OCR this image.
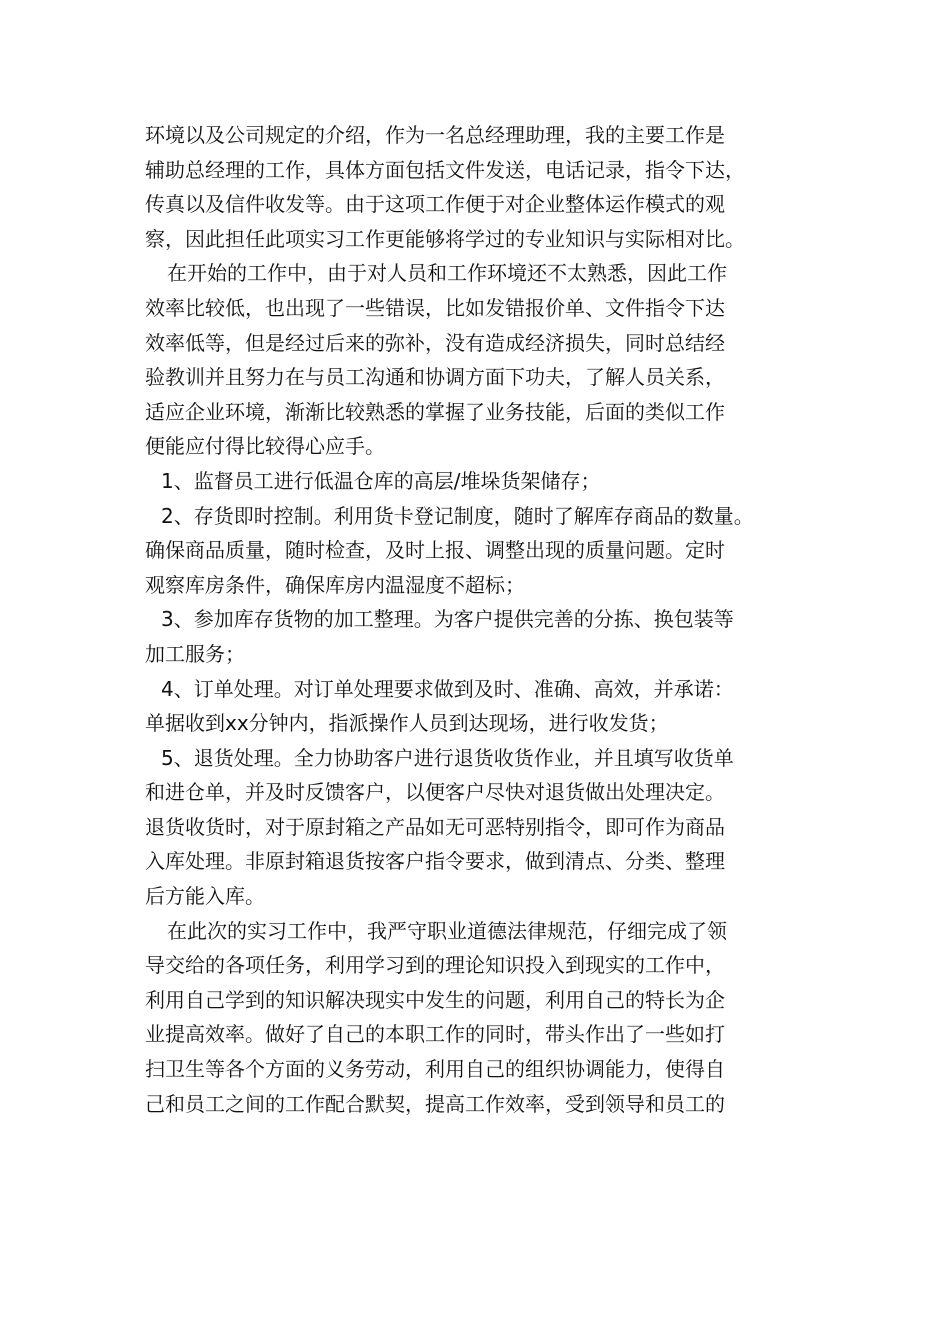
环境以及公司规定的介绍，作为一名总经理助理，我的主要工作是
辅助总经理的工作，具体方面包括文件发送，电话记录，指令下达，
传真以及信件收发等。由于这项工作便于对企业整体运作模式的观
察，因此担任此项实习工作更能够将学过的专业知识与实际相对比。
在开始的工作中，由于对人员和工作环境还不太熟悉，因此工作
效率比较低，也出现了一些错误，比如发错报价单、文件指令下达
效率低等，但是经过后来的弥补，没有造成经济损失，同时总结经
验教训并且努力在与员工沟通和协调方面下功夫，了解人员关系，
适应企业环境，渐渐比较熟悉的掌握了业务技能，后面的类似工作
便能应付得比较得心应手。
1、监督员工进行低温仓库的高层/堆垛货架储存；
2、存货即时控制。利用货卡登记制度，随时了解库存商品的数量。
确保商品质量，随时检查，及时上报、调整出现的质量问题。定时
观察库房条件，确保库房内温湿度不超标；
3、参加库存货物的加工整理。为客户提供完善的分拣、换包装等
加工服务；
4、订单处理。对订单处理要求做到及时、准确、高效，并承诺：
单据收到xx分钟内，指派操作人员到达现场，进行收发货；
5、退货处理。全力协助客户进行退货收货作业，并且填写收货单
和进仓单，并及时反馈客户，以便客户尽快对退货做出处理决定。
退货收货时，对于原封箱之产品如无可恶特别指令，即可作为商品
入库处理。非原封箱退货按客户指令要求，做到清点、分类、整理
后方能入库。
在此次的实习工作中，我严守职业道德法律规范，仔细完成了领
导交给的各项任务，利用学习到的理论知识投入到现实的工作中，
利用自己学到的知识解决现实中发生的问题，利用自己的特长为企
业提高效率。做好了自己的本职工作的同时，带头作出了一些如打
扫卫生等各个方面的义务劳动，利用自己的组织协调能力，使得自
己和员工之间的工作配合默契，提高工作效率，受到领导和员工的
